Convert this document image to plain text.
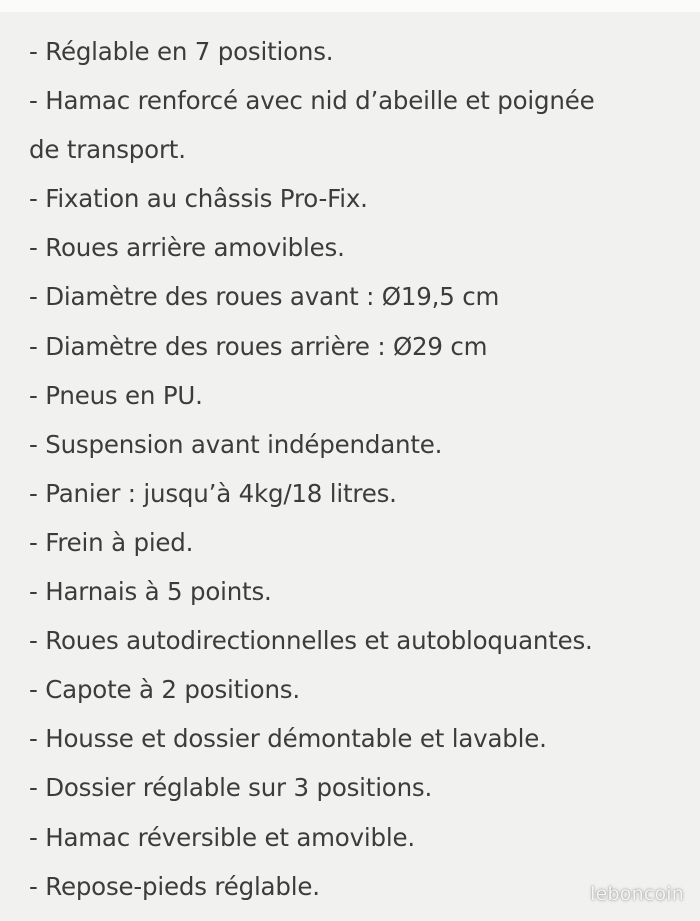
- Réglable en 7 positions.
- Hamac renforcé avec nid d’abeille et poignée
de transport.
- Fixation au châssis Pro-Fix.
- Roues arrière amovibles.
- Diamètre des roues avant : Ø19,5 cm
- Diamètre des roues arrière : Ø29 cm
- Pneus en PU.
- Suspension avant indépendante.
- Panier : jusqu’à 4kg/18 litres.
- Frein à pied.
- Harnais à 5 points.
- Roues autodirectionnelles et autobloquantes.
- Capote à 2 positions.
- Housse et dossier démontable et lavable.
- Dossier réglable sur 3 positions.
- Hamac réversible et amovible.
- Repose-pieds réglable.	leboncoin
